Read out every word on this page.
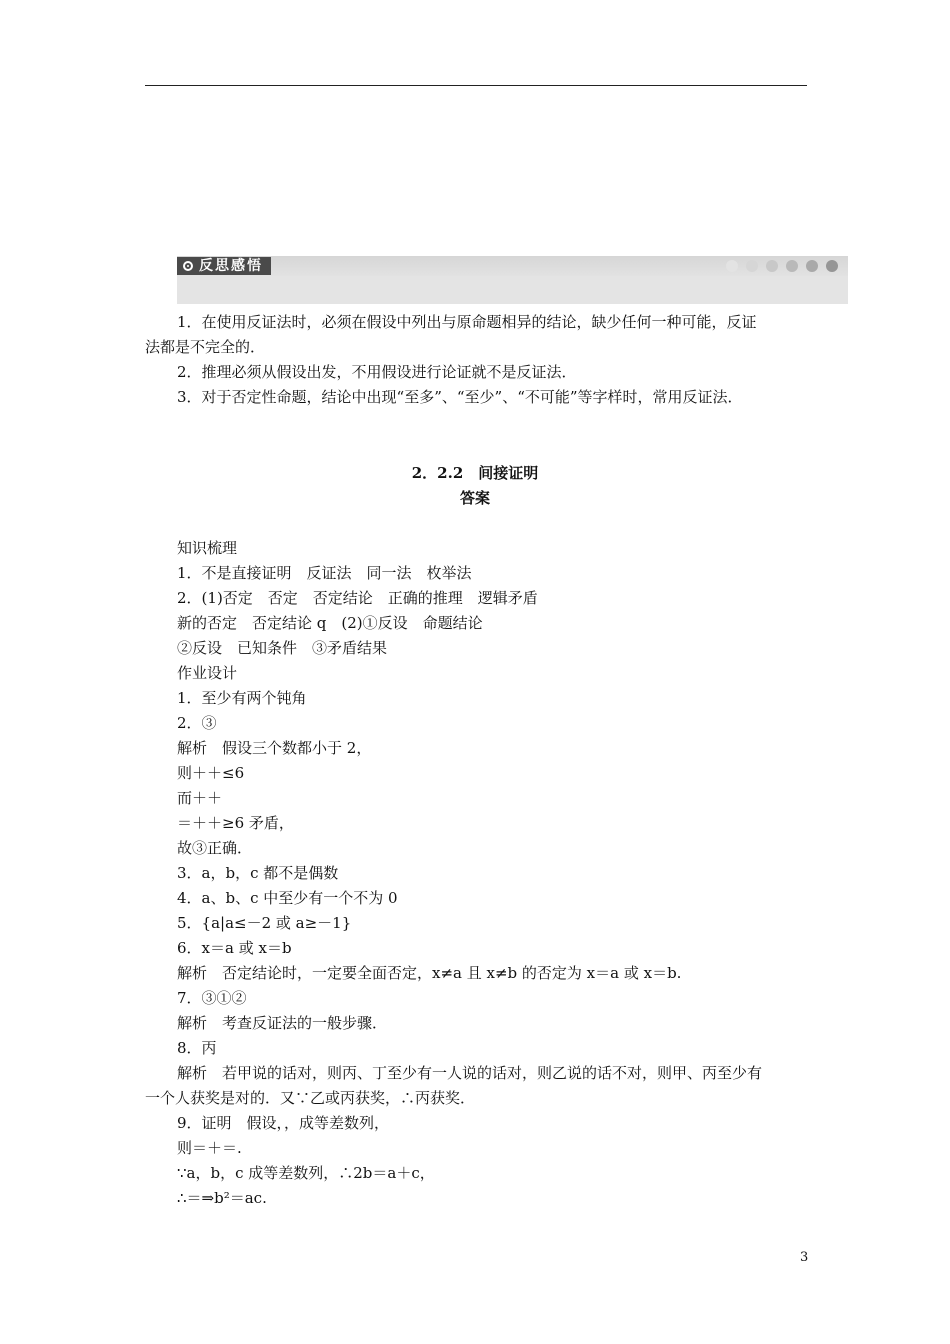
反思感悟
1．在使用反证法时，必须在假设中列出与原命题相异的结论，缺少任何一种可能，反证
法都是不完全的．
2．推理必须从假设出发，不用假设进行论证就不是反证法．
3．对于否定性命题，结论中出现“至多”、“至少”、“不可能”等字样时，常用反证法．
2．2.2　间接证明
答案
知识梳理
1．不是直接证明　反证法　同一法　枚举法
2．(1)否定　否定　否定结论　正确的推理　逻辑矛盾
新的否定　否定结论 q　(2)①反设　命题结论
②反设　已知条件　③矛盾结果
作业设计
1．至少有两个钝角
2．③
解析　假设三个数都小于 2，
则＋＋≤6
而＋＋
＝＋＋≥6 矛盾，
故③正确．
3．a，b，c 都不是偶数
4．a、b、c 中至少有一个不为 0
5．{a|a≤－2 或 a≥－1}
6．x＝a 或 x＝b
解析　否定结论时，一定要全面否定，x≠a 且 x≠b 的否定为 x＝a 或 x＝b.
7．③①②
解析　考查反证法的一般步骤．
8．丙
解析　若甲说的话对，则丙、丁至少有一人说的话对，则乙说的话不对，则甲、丙至少有
一个人获奖是对的．又∵乙或丙获奖，∴丙获奖．
9．证明　假设，，成等差数列，
则＝＋＝.
∵a，b，c 成等差数列，∴2b＝a＋c，
∴＝⇒b²＝ac.
3
